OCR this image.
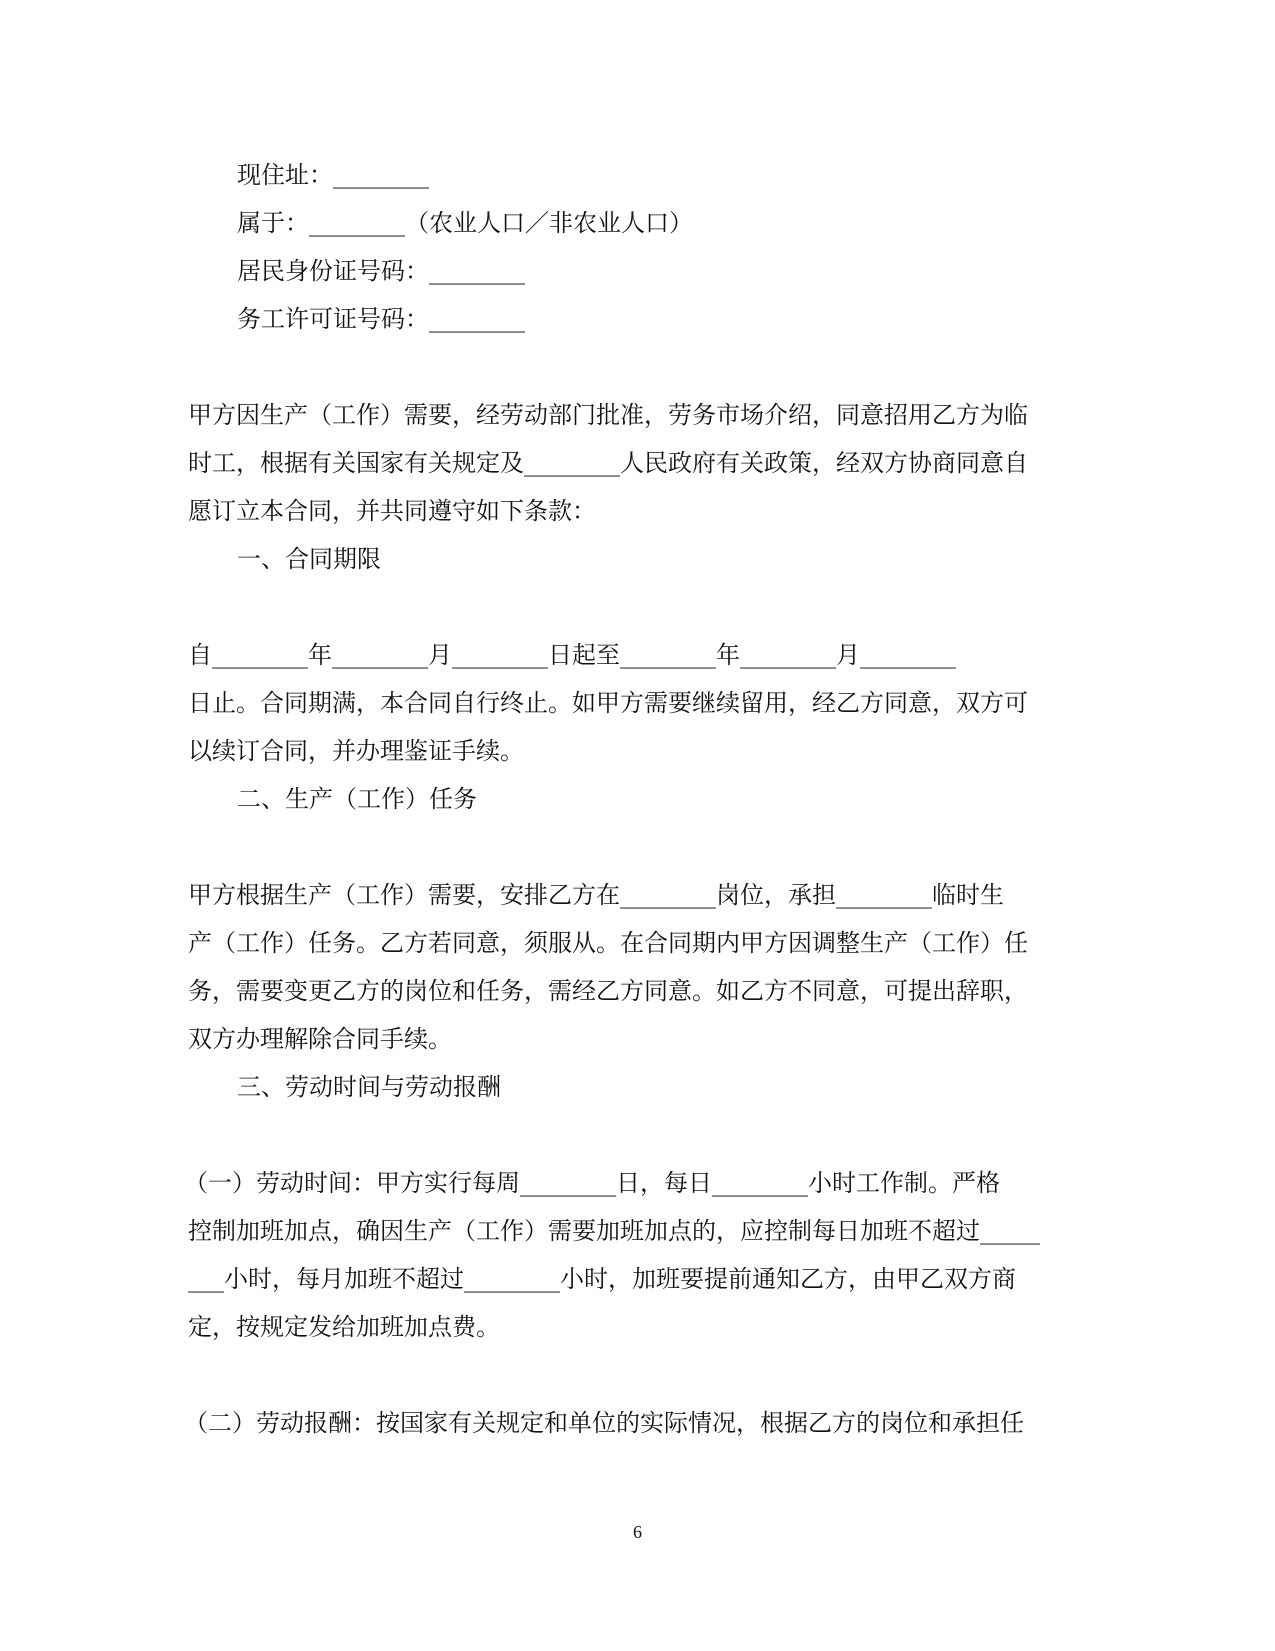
现住址：________
属于：________（农业人口／非农业人口）
居民身份证号码：________
务工许可证号码：________
甲方因生产（工作）需要，经劳动部门批准，劳务市场介绍，同意招用乙方为临
时工，根据有关国家有关规定及________人民政府有关政策，经双方协商同意自
愿订立本合同，并共同遵守如下条款：
一、合同期限
自________年________月________日起至________年________月________
日止。合同期满，本合同自行终止。如甲方需要继续留用，经乙方同意，双方可
以续订合同，并办理鉴证手续。
二、生产（工作）任务
甲方根据生产（工作）需要，安排乙方在________岗位，承担________临时生
产（工作）任务。乙方若同意，须服从。在合同期内甲方因调整生产（工作）任
务，需要变更乙方的岗位和任务，需经乙方同意。如乙方不同意，可提出辞职，
双方办理解除合同手续。
三、劳动时间与劳动报酬
（一）劳动时间：甲方实行每周________日，每日________小时工作制。严格
控制加班加点，确因生产（工作）需要加班加点的，应控制每日加班不超过_____
___小时，每月加班不超过________小时，加班要提前通知乙方，由甲乙双方商
定，按规定发给加班加点费。
（二）劳动报酬：按国家有关规定和单位的实际情况，根据乙方的岗位和承担任
6
